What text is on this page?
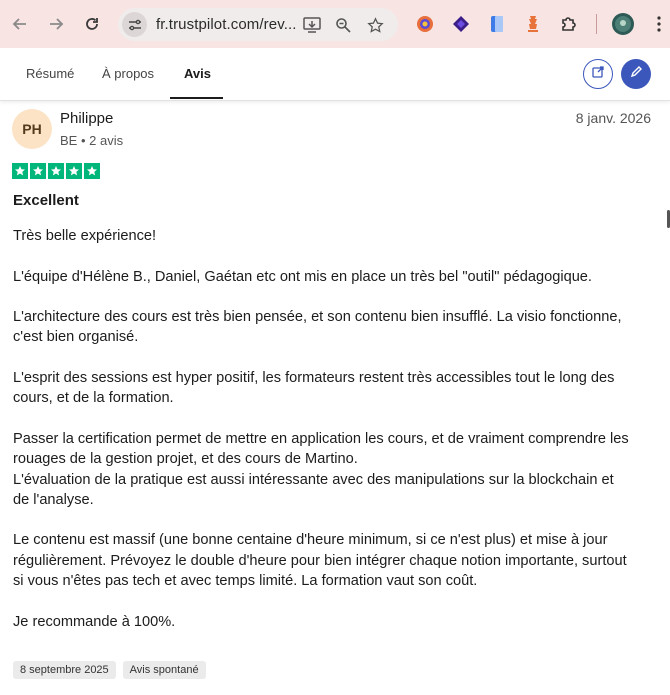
fr.trustpilot.com/rev...
Résumé À propos Avis
PH
Philippe
BE • 2 avis
8 janv. 2026
Excellent

Très belle expérience!

L'équipe d'Hélène B., Daniel, Gaétan etc ont mis en place un très bel "outil" pédagogique.

L'architecture des cours est très bien pensée, et son contenu bien insufflé. La visio fonctionne,
c'est bien organisé.

L'esprit des sessions est hyper positif, les formateurs restent très accessibles tout le long des
cours, et de la formation.

Passer la certification permet de mettre en application les cours, et de vraiment comprendre les
rouages de la gestion projet, et des cours de Martino.
L'évaluation de la pratique est aussi intéressante avec des manipulations sur la blockchain et
de l'analyse.

Le contenu est massif (une bonne centaine d'heure minimum, si ce n'est plus) et mise à jour
régulièrement. Prévoyez le double d'heure pour bien intégrer chaque notion importante, surtout
si vous n'êtes pas tech et avec temps limité. La formation vaut son coût.

Je recommande à 100%.

8 septembre 2025	Avis spontané
